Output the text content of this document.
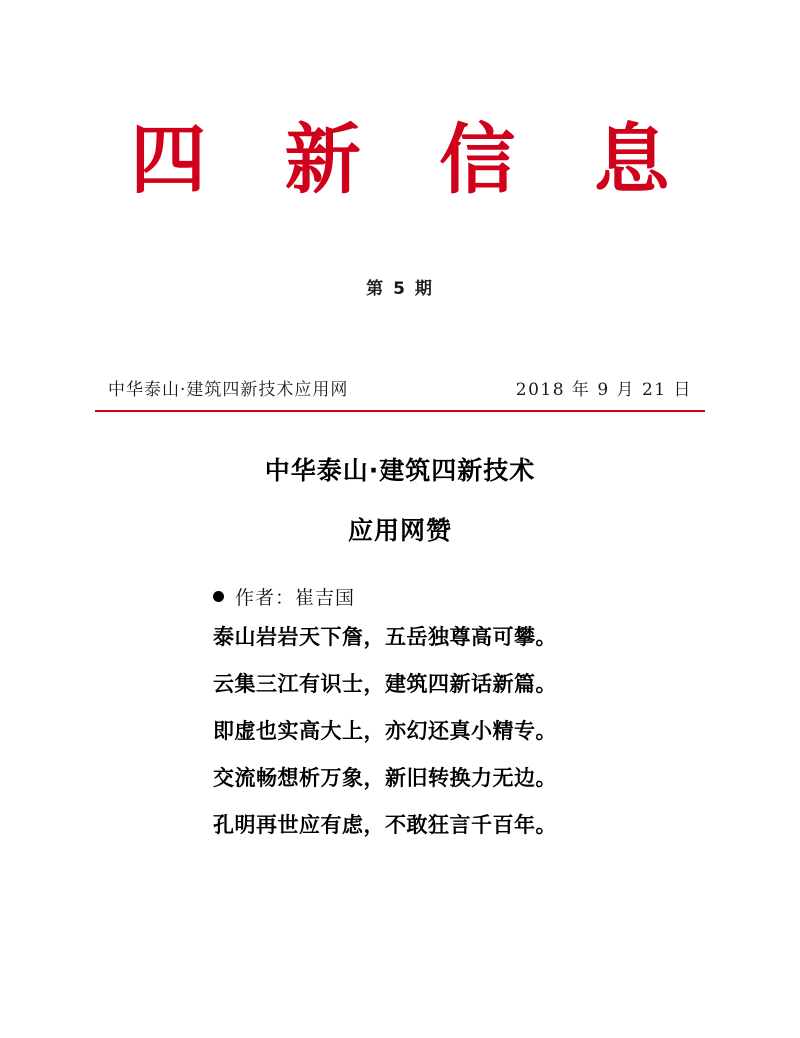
四 新 信 息
第 5 期
中华泰山·建筑四新技术应用网	2018 年 9 月 21 日
中华泰山·建筑四新技术
应用网赞
作者：崔吉国
泰山岩岩天下詹，五岳独尊高可攀。
云集三江有识士，建筑四新话新篇。
即虚也实高大上，亦幻还真小精专。
交流畅想析万象，新旧转换力无边。
孔明再世应有虑，不敢狂言千百年。
